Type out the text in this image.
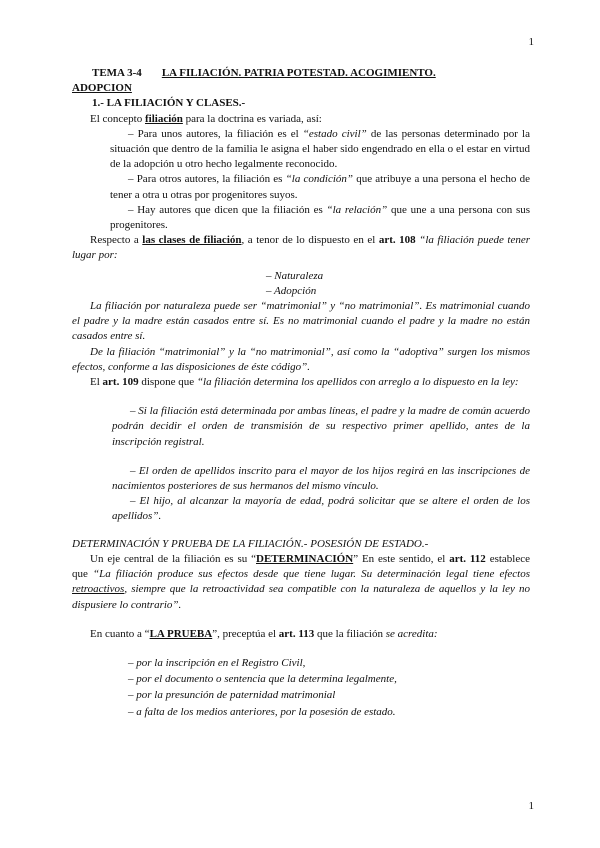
1

TEMA 3-4 LA FILIACIÓN. PATRIA POTESTAD. ACOGIMIENTO.

ADOPCION

1.- LA FILIACIÓN Y CLASES.-

El concepto filiación para la doctrina es variada, así:

– Para unos autores, la filiación es el “estado civil” de las personas determinado por la situación que dentro de la familia le asigna el haber sido engendrado en ella o el estar en virtud de la adopción u otro hecho legalmente reconocido.

– Para otros autores, la filiación es “la condición” que atribuye a una persona el hecho de tener a otra u otras por progenitores suyos.

– Hay autores que dicen que la filiación es “la relación” que une a una persona con sus progenitores.

Respecto a las clases de filiación, a tenor de lo dispuesto en el art. 108 “la filiación puede tener lugar por:

– Naturaleza

– Adopción

La filiación por naturaleza puede ser “matrimonial” y “no matrimonial”. Es matrimonial cuando el padre y la madre están casados entre sí. Es no matrimonial cuando el padre y la madre no están casados entre sí.

De la filiación “matrimonial” y la “no matrimonial”, así como la “adoptiva” surgen los mismos efectos, conforme a las disposiciones de éste código”.

El art. 109 dispone que “la filiación determina los apellidos con arreglo a lo dispuesto en la ley:

– Si la filiación está determinada por ambas líneas, el padre y la madre de común acuerdo podrán decidir el orden de transmisión de su respectivo primer apellido, antes de la inscripción registral.

– El orden de apellidos inscrito para el mayor de los hijos regirá en las inscripciones de nacimientos posteriores de sus hermanos del mismo vínculo.

– El hijo, al alcanzar la mayoría de edad, podrá solicitar que se altere el orden de los apellidos”.

DETERMINACIÓN Y PRUEBA DE LA FILIACIÓN.- POSESIÓN DE ESTADO.-

Un eje central de la filiación es su “DETERMINACIÓN” En este sentido, el art. 112 establece que “La filiación produce sus efectos desde que tiene lugar. Su determinación legal tiene efectos retroactivos, siempre que la retroactividad sea compatible con la naturaleza de aquellos y la ley no dispusiere lo contrario”.

En cuanto a “LA PRUEBA”, preceptúa el art. 113 que la filiación se acredita:

– por la inscripción en el Registro Civil,

– por el documento o sentencia que la determina legalmente,

– por la presunción de paternidad matrimonial

– a falta de los medios anteriores, por la posesión de estado.

1
